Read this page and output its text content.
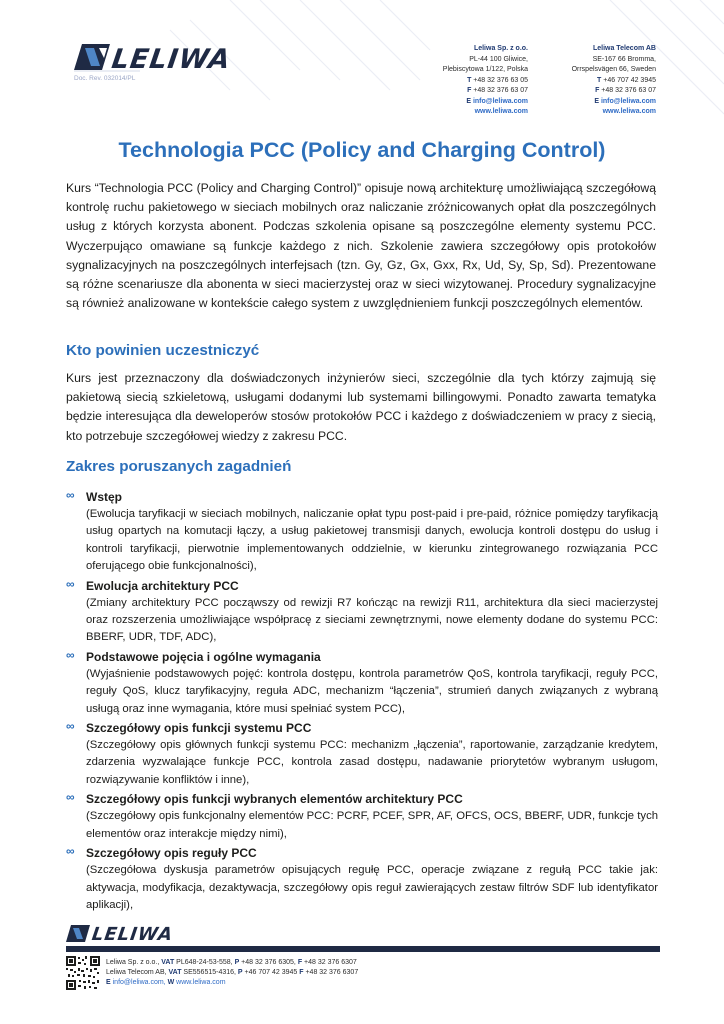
LELIWA
Doc. Rev. 032014/PL
Leliwa Sp. z o.o.
PL-44 100 Gliwice,
Plebiscytowa 1/122, Polska
T +48 32 376 63 05
F +48 32 376 63 07
E info@leliwa.com
www.leliwa.com
Leliwa Telecom AB
SE-167 66 Bromma,
Orrspelsvägen 66, Sweden
T +46 707 42 3945
F +48 32 376 63 07
E info@leliwa.com
www.leliwa.com
Technologia PCC (Policy and Charging Control)

Kurs “Technologia PCC (Policy and Charging Control)” opisuje nową architekturę umożliwiającą szczegółową kontrolę ruchu pakietowego w sieciach mobilnych oraz naliczanie zróżnicowanych opłat dla poszczególnych usług z których korzysta abonent. Podczas szkolenia opisane są poszczególne elementy systemu PCC. Wyczerpująco omawiane są funkcje każdego z nich. Szkolenie zawiera szczegółowy opis protokołów sygnalizacyjnych na poszczególnych interfejsach (tzn. Gy, Gz, Gx, Gxx, Rx, Ud, Sy, Sp, Sd). Prezentowane są różne scenariusze dla abonenta w sieci macierzystej oraz w sieci wizytowanej. Procedury sygnalizacyjne są również analizowane w kontekście całego system z uwzględnieniem funkcji poszczególnych elementów.

Kto powinien uczestniczyć

Kurs jest przeznaczony dla doświadczonych inżynierów sieci, szczególnie dla tych którzy zajmują się pakietową siecią szkieletową, usługami dodanymi lub systemami billingowymi. Ponadto zawarta tematyka będzie interesująca dla deweloperów stosów protokołów PCC i każdego z doświadczeniem w pracy z siecią, kto potrzebuje szczegółowej wiedzy z zakresu PCC.

Zakres poruszanych zagadnień
∞ Wstęp
(Ewolucja taryfikacji w sieciach mobilnych, naliczanie opłat typu post-paid i pre-paid, różnice pomiędzy taryfikacją usług opartych na komutacji łączy, a usług pakietowej transmisji danych, ewolucja kontroli dostępu do usług i kontroli taryfikacji, pierwotnie implementowanych oddzielnie, w kierunku zintegrowanego rozwiązania PCC oferującego obie funkcjonalności),
∞ Ewolucja architektury PCC
(Zmiany architektury PCC począwszy od rewizji R7 kończąc na rewizji R11, architektura dla sieci macierzystej oraz rozszerzenia umożliwiające współpracę z sieciami zewnętrznymi, nowe elementy dodane do systemu PCC: BBERF, UDR, TDF, ADC),
∞ Podstawowe pojęcia i ogólne wymagania
(Wyjaśnienie podstawowych pojęć: kontrola dostępu, kontrola parametrów QoS, kontrola taryfikacji, reguły PCC, reguły QoS, klucz taryfikacyjny, reguła ADC, mechanizm “łączenia”, strumień danych związanych z wybraną usługą oraz inne wymagania, które musi spełniać system PCC),
∞ Szczegółowy opis funkcji systemu PCC
(Szczegółowy opis głównych funkcji systemu PCC: mechanizm „łączenia”, raportowanie, zarządzanie kredytem, zdarzenia wyzwalające funkcje PCC, kontrola zasad dostępu, nadawanie priorytetów wybranym usługom, rozwiązywanie konfliktów i inne),
∞ Szczegółowy opis funkcji wybranych elementów architektury PCC
(Szczegółowy opis funkcjonalny elementów PCC: PCRF, PCEF, SPR, AF, OFCS, OCS, BBERF, UDR, funkcje tych elementów oraz interakcje między nimi),
∞ Szczegółowy opis reguły PCC
(Szczegółowa dyskusja parametrów opisujących regułę PCC, operacje związane z regułą PCC takie jak: aktywacja, modyfikacja, dezaktywacja, szczegółowy opis reguł zawierających zestaw filtrów SDF lub identyfikator aplikacji),
LELIWA
Leliwa Sp. z o.o., VAT PL648-24-53-558, P +48 32 376 6305, F +48 32 376 6307
Leliwa Telecom AB, VAT SE556515-4316, P +46 707 42 3945 F +48 32 376 6307
E info@leliwa.com, W www.leliwa.com
